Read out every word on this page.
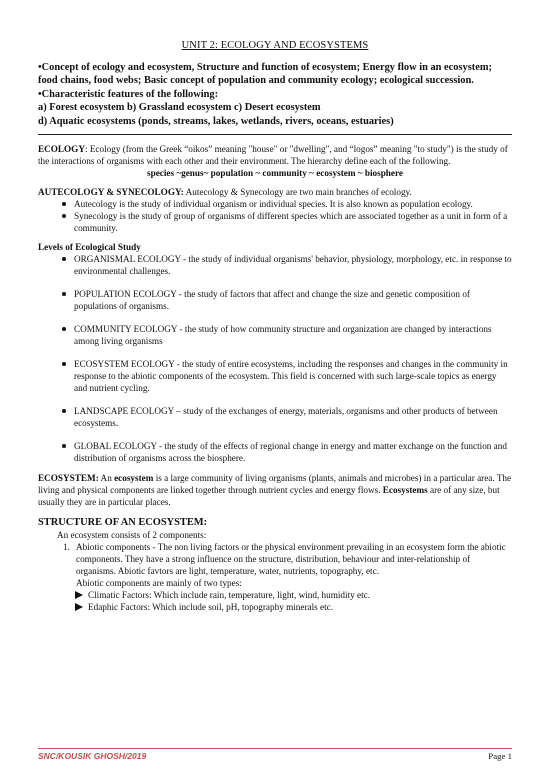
UNIT 2: ECOLOGY AND ECOSYSTEMS
•Concept of ecology and ecosystem, Structure and function of ecosystem; Energy flow in an ecosystem; food chains, food webs; Basic concept of population and community ecology; ecological succession.
•Characteristic features of the following:
a) Forest ecosystem b) Grassland ecosystem c) Desert ecosystem
d) Aquatic ecosystems (ponds, streams, lakes, wetlands, rivers, oceans, estuaries)

ECOLOGY: Ecology (from the Greek “oikos” meaning "house" or "dwelling", and “logos” meaning "to study") is the study of the interactions of organisms with each other and their environment. The hierarchy define each of the following.

species ~genus~ population ~ community ~ ecosystem ~ biosphere

AUTECOLOGY & SYNECOLOGY: Autecology & Synecology are two main branches of ecology.

Autecology is the study of individual organism or individual species. It is also known as population ecology.
Synecology is the study of group of organisms of different species which are associated together as a unit in form of a community.
Levels of Ecological Study
ORGANISMAL ECOLOGY - the study of individual organisms' behavior, physiology, morphology, etc. in response to environmental challenges.
POPULATION ECOLOGY - the study of factors that affect and change the size and genetic composition of populations of organisms.
COMMUNITY ECOLOGY - the study of how community structure and organization are changed by interactions among living organisms
ECOSYSTEM ECOLOGY - the study of entire ecosystems, including the responses and changes in the community in response to the abiotic components of the ecosystem. This field is concerned with such large-scale topics as energy and nutrient cycling.
LANDSCAPE ECOLOGY – study of the exchanges of energy, materials, organisms and other products of between ecosystems.
GLOBAL ECOLOGY - the study of the effects of regional change in energy and matter exchange on the function and distribution of organisms across the biosphere.

ECOSYSTEM: An ecosystem is a large community of living organisms (plants, animals and microbes) in a particular area. The living and physical components are linked together through nutrient cycles and energy flows. Ecosystems are of any size, but usually they are in particular places.

STRUCTURE OF AN ECOSYSTEM:
An ecosystem consists of 2 components:
1. Abiotic components - The non living factors or the physical environment prevailing in an ecosystem form the abiotic components. They have a strong influence on the structure, distribution, behaviour and inter-relationship of organisms. Abiotic favtors are light, temperature, water, nutrients, topography, etc.
Abiotic components are mainly of two types:
Climatic Factors: Which include rain, temperature, light, wind, humidity etc.
Edaphic Factors: Which include soil, pH, topography minerals etc.
SNC/KOUSIK GHOSH/2019	Page 1
